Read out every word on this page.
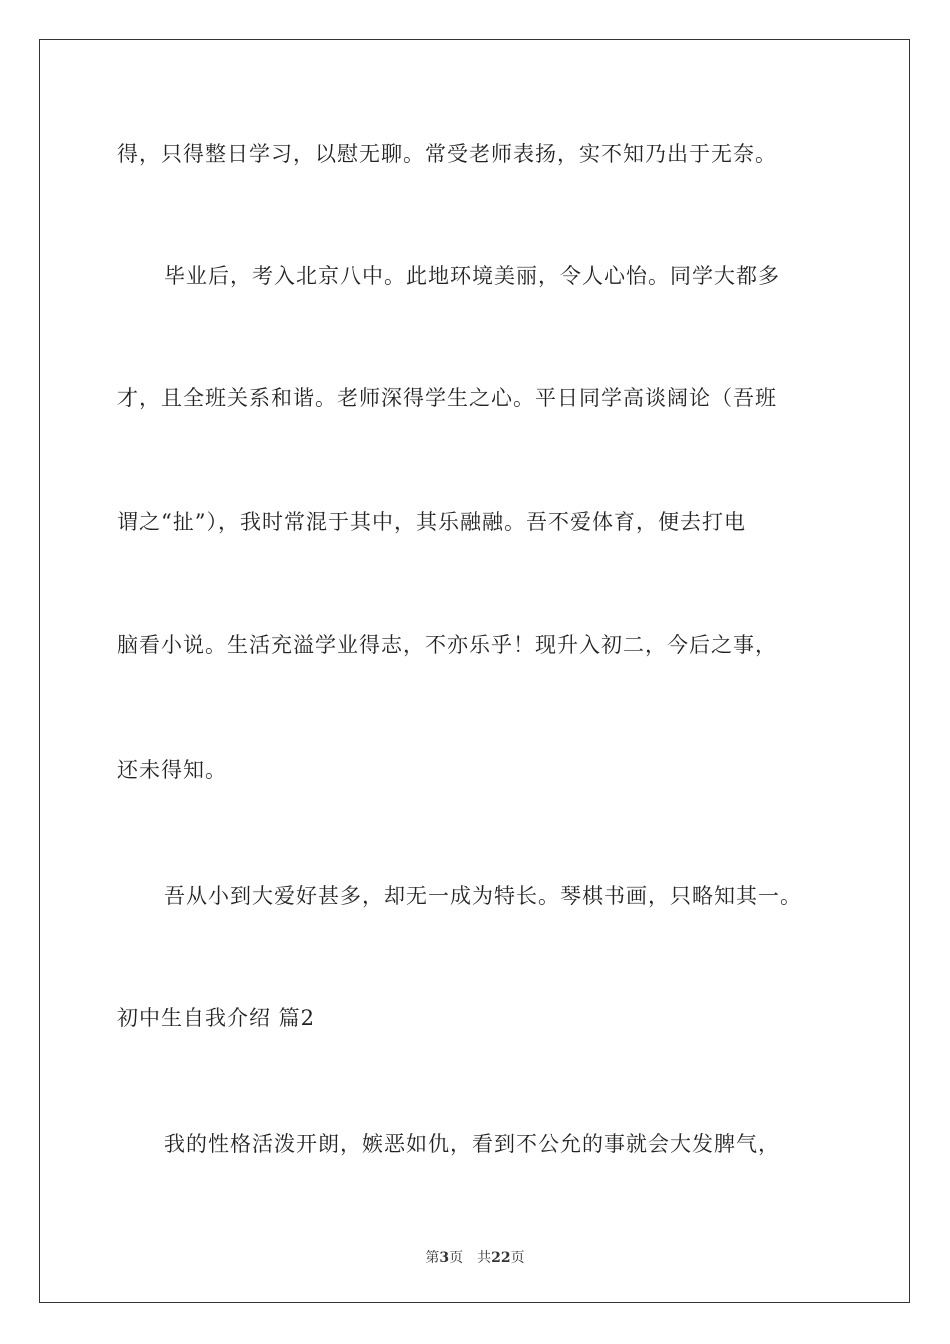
得，只得整日学习，以慰无聊。常受老师表扬，实不知乃出于无奈。
毕业后，考入北京八中。此地环境美丽，令人心怡。同学大都多
才，且全班关系和谐。老师深得学生之心。平日同学高谈阔论（吾班
谓之“扯”），我时常混于其中，其乐融融。吾不爱体育，便去打电
脑看小说。生活充溢学业得志，不亦乐乎！现升入初二，今后之事，
还未得知。
吾从小到大爱好甚多，却无一成为特长。琴棋书画，只略知其一。
初中生自我介绍 篇2
我的性格活泼开朗，嫉恶如仇，看到不公允的事就会大发脾气，
第3页 共22页
